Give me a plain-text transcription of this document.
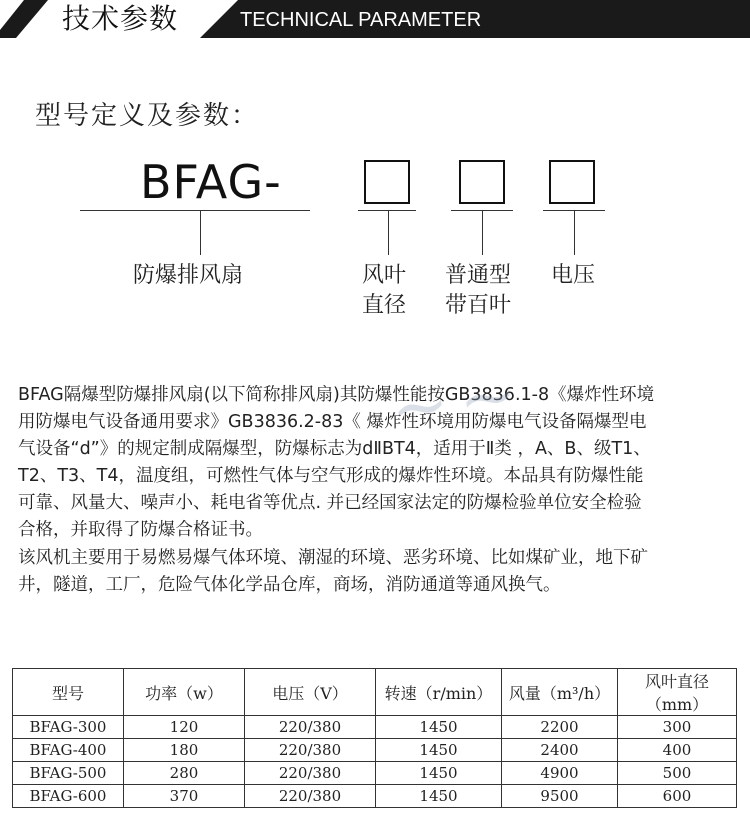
技术参数	TECHNICAL PARAMETER
型号定义及参数：
BFAG-
防爆排风扇	风叶
直径
普通型
带百叶
电压
BFAG隔爆型防爆排风扇(以下简称排风扇)其防爆性能按GB3836.1-8《爆炸性环境
用防爆电气设备通用要求》GB3836.2-83《 爆炸性环境用防爆电气设备隔爆型电
气设备“d”》的规定制成隔爆型，防爆标志为dⅡBT4，适用于Ⅱ类 ，A、B、级T1、
T2、T3、T4，温度组，可燃性气体与空气形成的爆炸性环境。本品具有防爆性能
可靠、风量大、噪声小、耗电省等优点. 并已经国家法定的防爆检验单位安全检验
合格，并取得了防爆合格证书。
该风机主要用于易燃易爆气体环境、潮湿的环境、恶劣环境、比如煤矿业，地下矿
井，隧道，工厂，危险气体化学品仓库，商场，消防通道等通风换气。
~~
型号	功率（w）	电压（V）	转速（r/min）	风量（m³/h）	风叶直径（mm）
BFAG-300	120	220/380	1450	2200	300
BFAG-400	180	220/380	1450	2400	400
BFAG-500	280	220/380	1450	4900	500
BFAG-600	370	220/380	1450	9500	600
